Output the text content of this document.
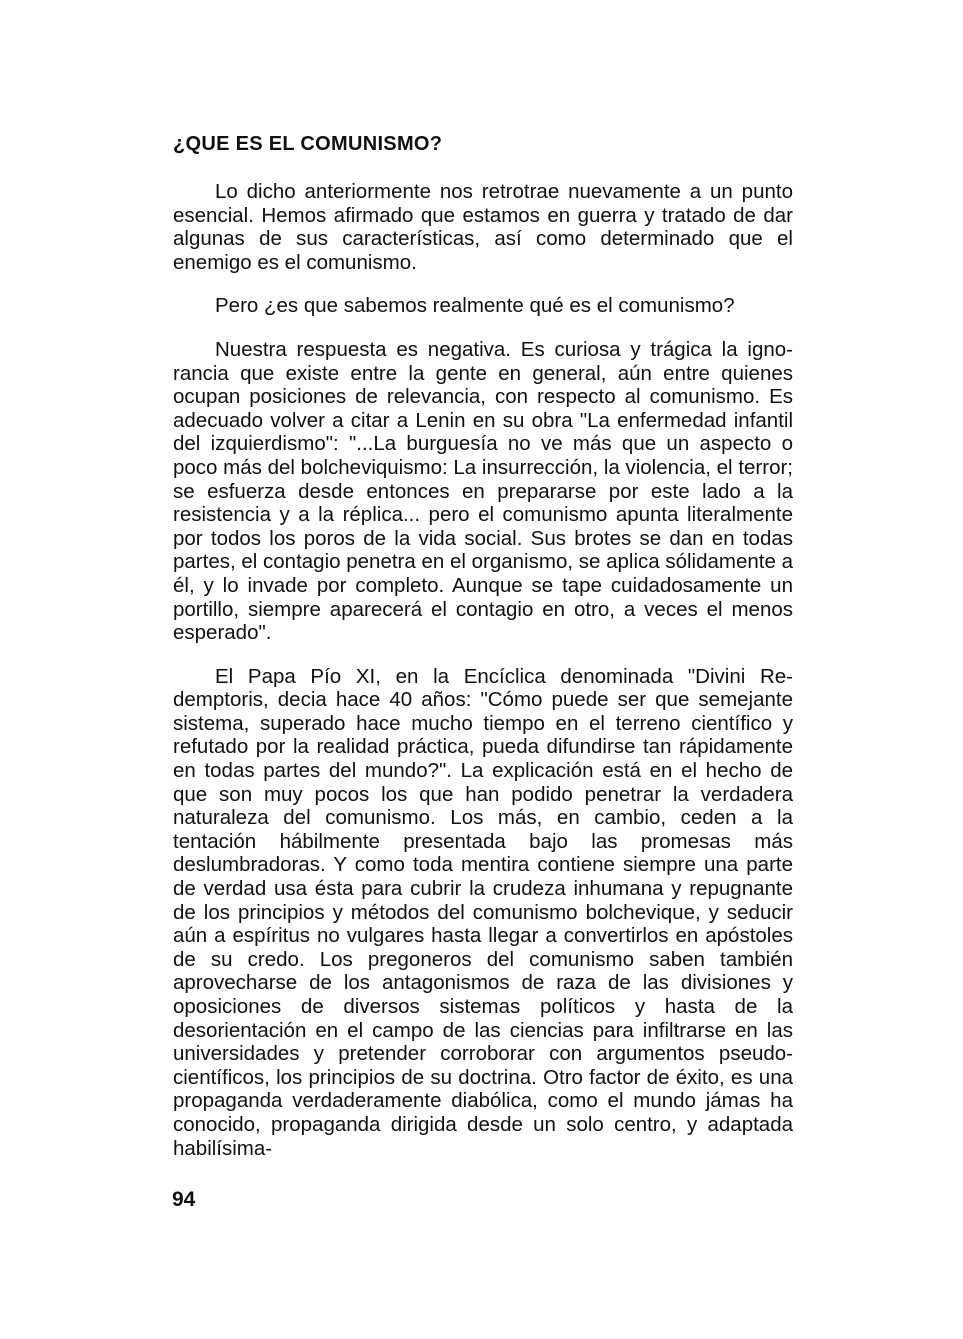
¿QUE ES EL COMUNISMO?

Lo dicho anteriormente nos retrotrae nuevamente a un punto esencial. Hemos afirmado que estamos en guerra y tratado de dar algunas de sus características, así como determinado que el enemigo es el comunismo.

Pero ¿es que sabemos realmente qué es el comunismo?

Nuestra respuesta es negativa. Es curiosa y trágica la ignorancia que existe entre la gente en general, aún entre quienes ocupan posiciones de relevancia, con respecto al comunismo. Es adecuado volver a citar a Lenin en su obra "La enfermedad infantil del izquierdismo": "...La burguesía no ve más que un aspecto o poco más del bolcheviquismo: La insurrección, la violencia, el terror; se esfuerza desde entonces en prepararse por este lado a la resistencia y a la réplica... pero el comunismo apunta literalmente por todos los poros de la vida social. Sus brotes se dan en todas partes, el contagio penetra en el organismo, se aplica sólidamente a él, y lo invade por completo. Aunque se tape cuidadosamente un portillo, siempre aparecerá el contagio en otro, a veces el menos esperado".

El Papa Pío XI, en la Encíclica denominada "Divini Redemptoris, decia hace 40 años: "Cómo puede ser que semejante sistema, superado hace mucho tiempo en el terreno científico y refutado por la realidad práctica, pueda difundirse tan rápidamente en todas partes del mundo?". La explicación está en el hecho de que son muy pocos los que han podido penetrar la verdadera naturaleza del comunismo. Los más, en cambio, ceden a la tentación hábilmente presentada bajo las promesas más deslumbradoras. Y como toda mentira contiene siempre una parte de verdad usa ésta para cubrir la crudeza inhumana y repugnante de los principios y métodos del comunismo bolchevique, y seducir aún a espíritus no vulgares hasta llegar a convertirlos en apóstoles de su credo. Los pregoneros del comunismo saben también aprovecharse de los antagonismos de raza de las divisiones y oposiciones de diversos sistemas políticos y hasta de la desorientación en el campo de las ciencias para infiltrarse en las universidades y pretender corroborar con argumentos pseudo-científicos, los principios de su doctrina. Otro factor de éxito, es una propaganda verdaderamente diabólica, como el mundo jámas ha conocido, propaganda dirigida desde un solo centro, y adaptada habilísima-

94
